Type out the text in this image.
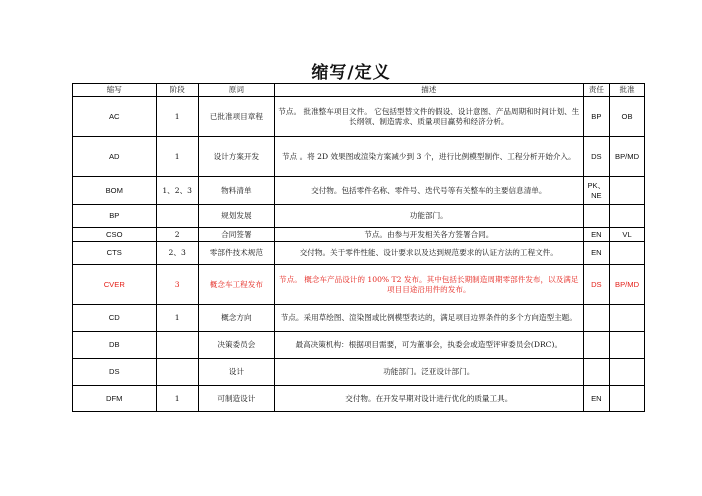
缩写/定义
缩写	阶段	原词	描述	责任	批准
AC	1	已批准项目章程	节点。 批准整车项目文件。 它包括型替文件的假设、设计意图、产品周期和时间计划、生长纲领、制造需求、质量项目赢势和经济分析。	BP	OB
AD	1	设计方案开发	节点 。将 2D 效果图或渲染方案减少到 3 个，进行比例模型制作、工程分析开始介入。	DS	BP/MD
BOM	1、2、3	物料清单	交付物。包括零件名称、零件号、迭代号等有关整车的主要信息清单。	PK、NE	
BP		规划发展	功能部门。		
CSO	2	合同签署	节点。由参与开发相关各方签署合同。	EN	VL
CTS	2、3	零部件技术规范	交付物。关于零件性能、设计要求以及达到规范要求的认证方法的工程文件。	EN	
CVER	3	概念车工程发布	节点。 概念车产品设计的 100% T2 发布。其中包括长期制造周期零部件发布，以及满足项目目途沿用件的发布。	DS	BP/MD
CD	1	概念方向	节点。采用草绘图、渲染图或比例模型表达的，满足项目边界条件的多个方向造型主题。		
DB		决策委员会	最高决策机构：根据项目需要，可为董事会，执委会或造型评审委员会(DRC)。		
DS		设计	功能部门。泛亚设计部门。		
DFM	1	可制造设计	交付物。在开发早期对设计进行优化的质量工具。	EN	
